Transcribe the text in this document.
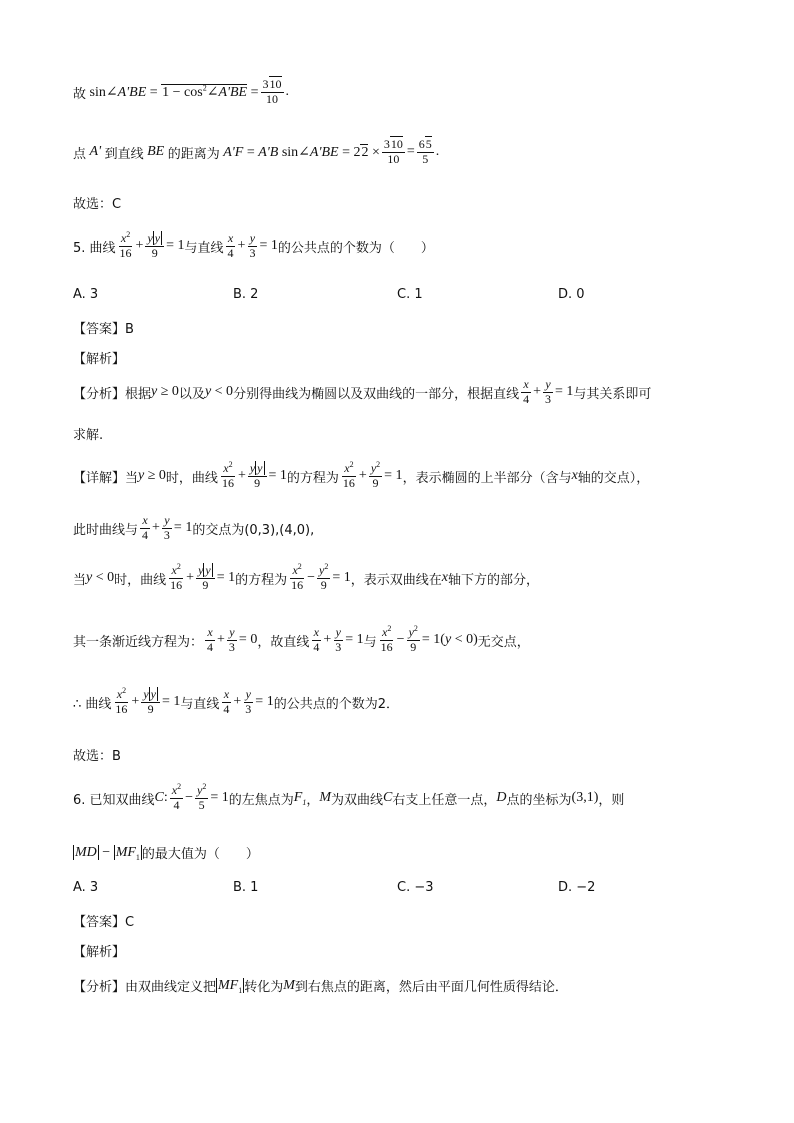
故 sin∠A'BE = $1 - \cos^2\angle A'BE = \frac{310}{10}$ .
点 A' 到直线 BE 的距离为 A'F = A'B sin∠A'BE = $22 \times \frac{310}{10} = \frac{65}{5}$ .
故选：C
5. 曲线 $\frac{x^2}{16} + \frac{\text{y y}}{9} = 1$ 与直线 $\frac{x}{4} + \frac{y}{3} = 1$ 的公共点的个数为（　　）
A. 3	B. 2	C. 1	D. 0
【答案】B
【解析】
【分析】根据 y ≥ 0 以及 y < 0 分别得曲线为椭圆以及双曲线的一部分，根据直线 $\frac{x}{4} + \frac{y}{3} = 1$ 与其关系即可
求解.
【详解】当 y ≥ 0 时，曲线 $\frac{x^2}{16} + \frac{\text{y y}}{9} = 1$ 的方程为 $\frac{x^2}{16} + \frac{y^2}{9} = 1$ ，表示椭圆的上半部分（含与 x 轴的交点），
此时曲线与 $\frac{x}{4} + \frac{y}{3} = 1$ 的交点为(0,3),(4,0),
当 y < 0 时，曲线 $\frac{x^2}{16} + \frac{\text{y y}}{9} = 1$ 的方程为 $\frac{x^2}{16} - \frac{y^2}{9} = 1$ ，表示双曲线在 x 轴下方的部分，
其一条渐近线方程为： $\frac{x}{4} + \frac{y}{3} = 0$ ，故直线 $\frac{x}{4} + \frac{y}{3} = 1$ 与 $\frac{x^2}{16} - \frac{y^2}{9} = 1(y < 0)$ 无交点，
∴ 曲线 $\frac{x^2}{16} + \frac{\text{y y}}{9} = 1$ 与直线 $\frac{x}{4} + \frac{y}{3} = 1$ 的公共点的个数为2．
故选：B
6. 已知双曲线 C : $\frac{x^2}{4} - \frac{y^2}{5} = 1$ 的左焦点为 $F_1$ ， M 为双曲线 C 右支上任意一点， D 点的坐标为 (3,1) ，则
MD − $MF_1$ 的最大值为（　　）
A. 3	B. 1	C. −3	D. −2
【答案】C
【解析】
【分析】由双曲线定义把 $MF_1$ 转化为 M 到右焦点的距离，然后由平面几何性质得结论．
